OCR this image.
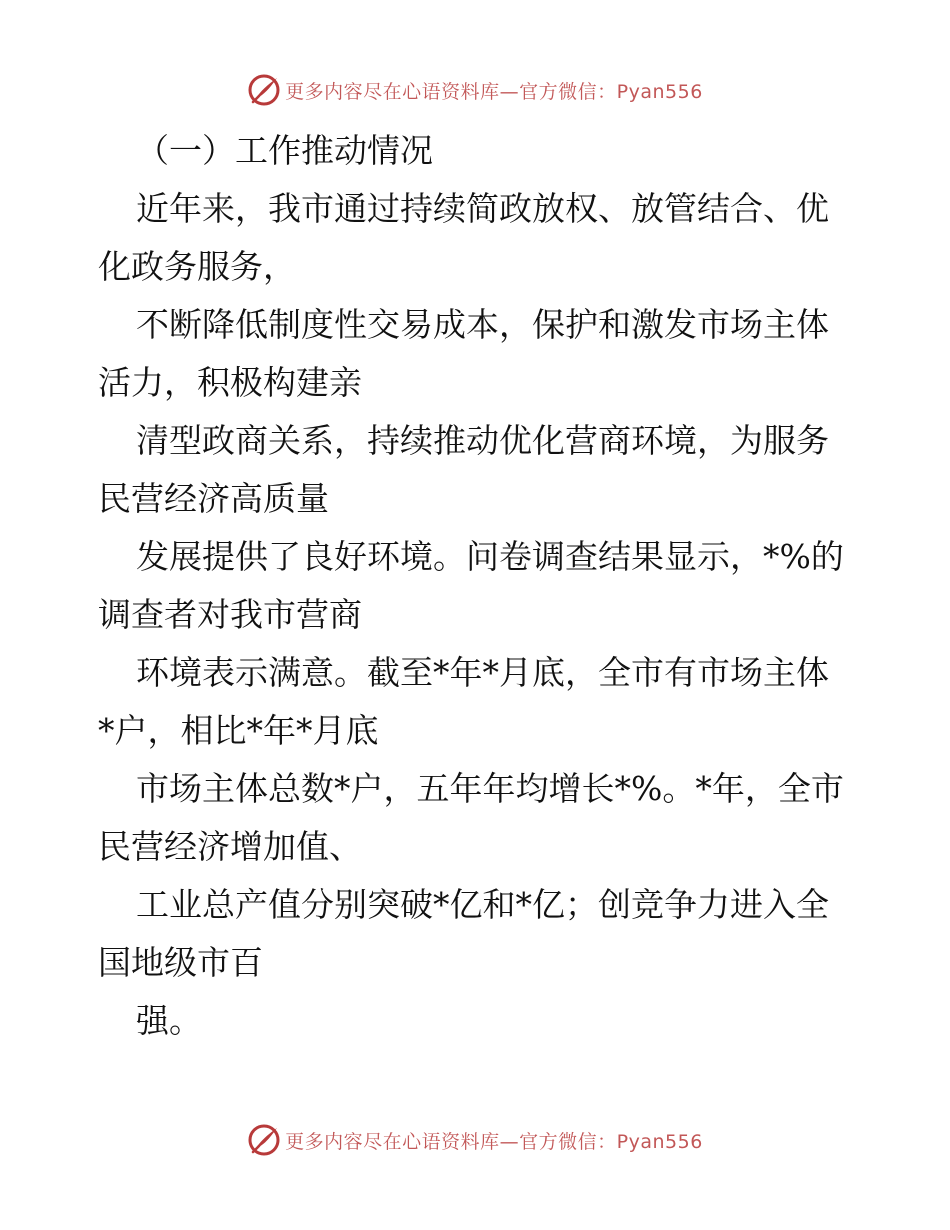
更多内容尽在心语资料库—官方微信：Pyan556
（一）工作推动情况
近年来，我市通过持续简政放权、放管结合、优
化政务服务，
不断降低制度性交易成本，保护和激发市场主体
活力，积极构建亲
清型政商关系，持续推动优化营商环境，为服务
民营经济高质量
发展提供了良好环境。问卷调查结果显示，*%的
调查者对我市营商
环境表示满意。截至*年*月底，全市有市场主体
*户，相比*年*月底
市场主体总数*户，五年年均增长*%。*年，全市
民营经济增加值、
工业总产值分别突破*亿和*亿；创竞争力进入全
国地级市百
强。
更多内容尽在心语资料库—官方微信：Pyan556
